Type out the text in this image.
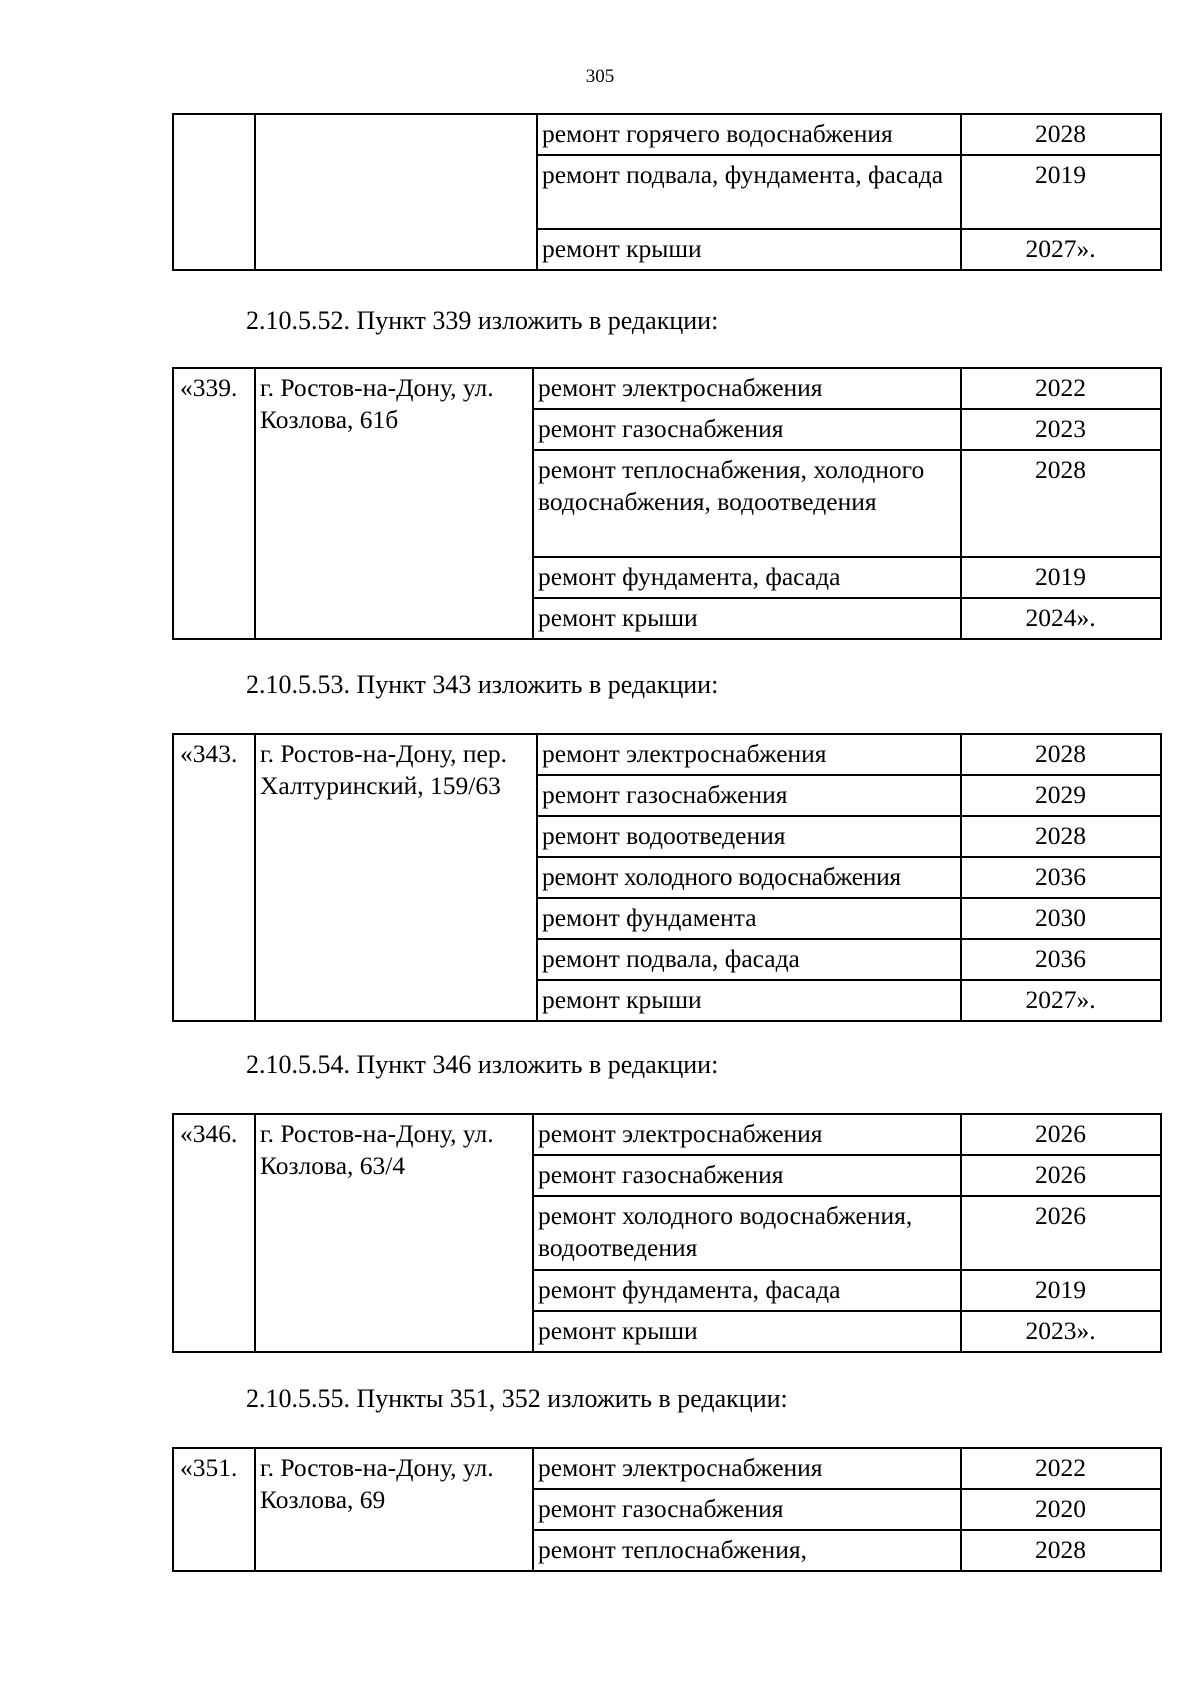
305
		ремонт горячего водоснабжения	2028
		ремонт подвала, фундамента, фасада	2019
		ремонт крыши	2027».
2.10.5.52. Пункт 339 изложить в редакции:
«339.	г. Ростов-на-Дону, ул. Козлова, 61б	ремонт электроснабжения	2022
		ремонт газоснабжения	2023
		ремонт теплоснабжения, холодного водоснабжения, водоотведения	2028
		ремонт фундамента, фасада	2019
		ремонт крыши	2024».
2.10.5.53. Пункт 343 изложить в редакции:
«343.	г. Ростов-на-Дону, пер. Халтуринский, 159/63	ремонт электроснабжения	2028
		ремонт газоснабжения	2029
		ремонт водоотведения	2028
		ремонт холодного водоснабжения	2036
		ремонт фундамента	2030
		ремонт подвала, фасада	2036
		ремонт крыши	2027».
2.10.5.54. Пункт 346 изложить в редакции:
«346.	г. Ростов-на-Дону, ул. Козлова, 63/4	ремонт электроснабжения	2026
		ремонт газоснабжения	2026
		ремонт холодного водоснабжения, водоотведения	2026
		ремонт фундамента, фасада	2019
		ремонт крыши	2023».
2.10.5.55. Пункты 351, 352 изложить в редакции:
«351.	г. Ростов-на-Дону, ул. Козлова, 69	ремонт электроснабжения	2022
		ремонт газоснабжения	2020
		ремонт теплоснабжения,	2028
